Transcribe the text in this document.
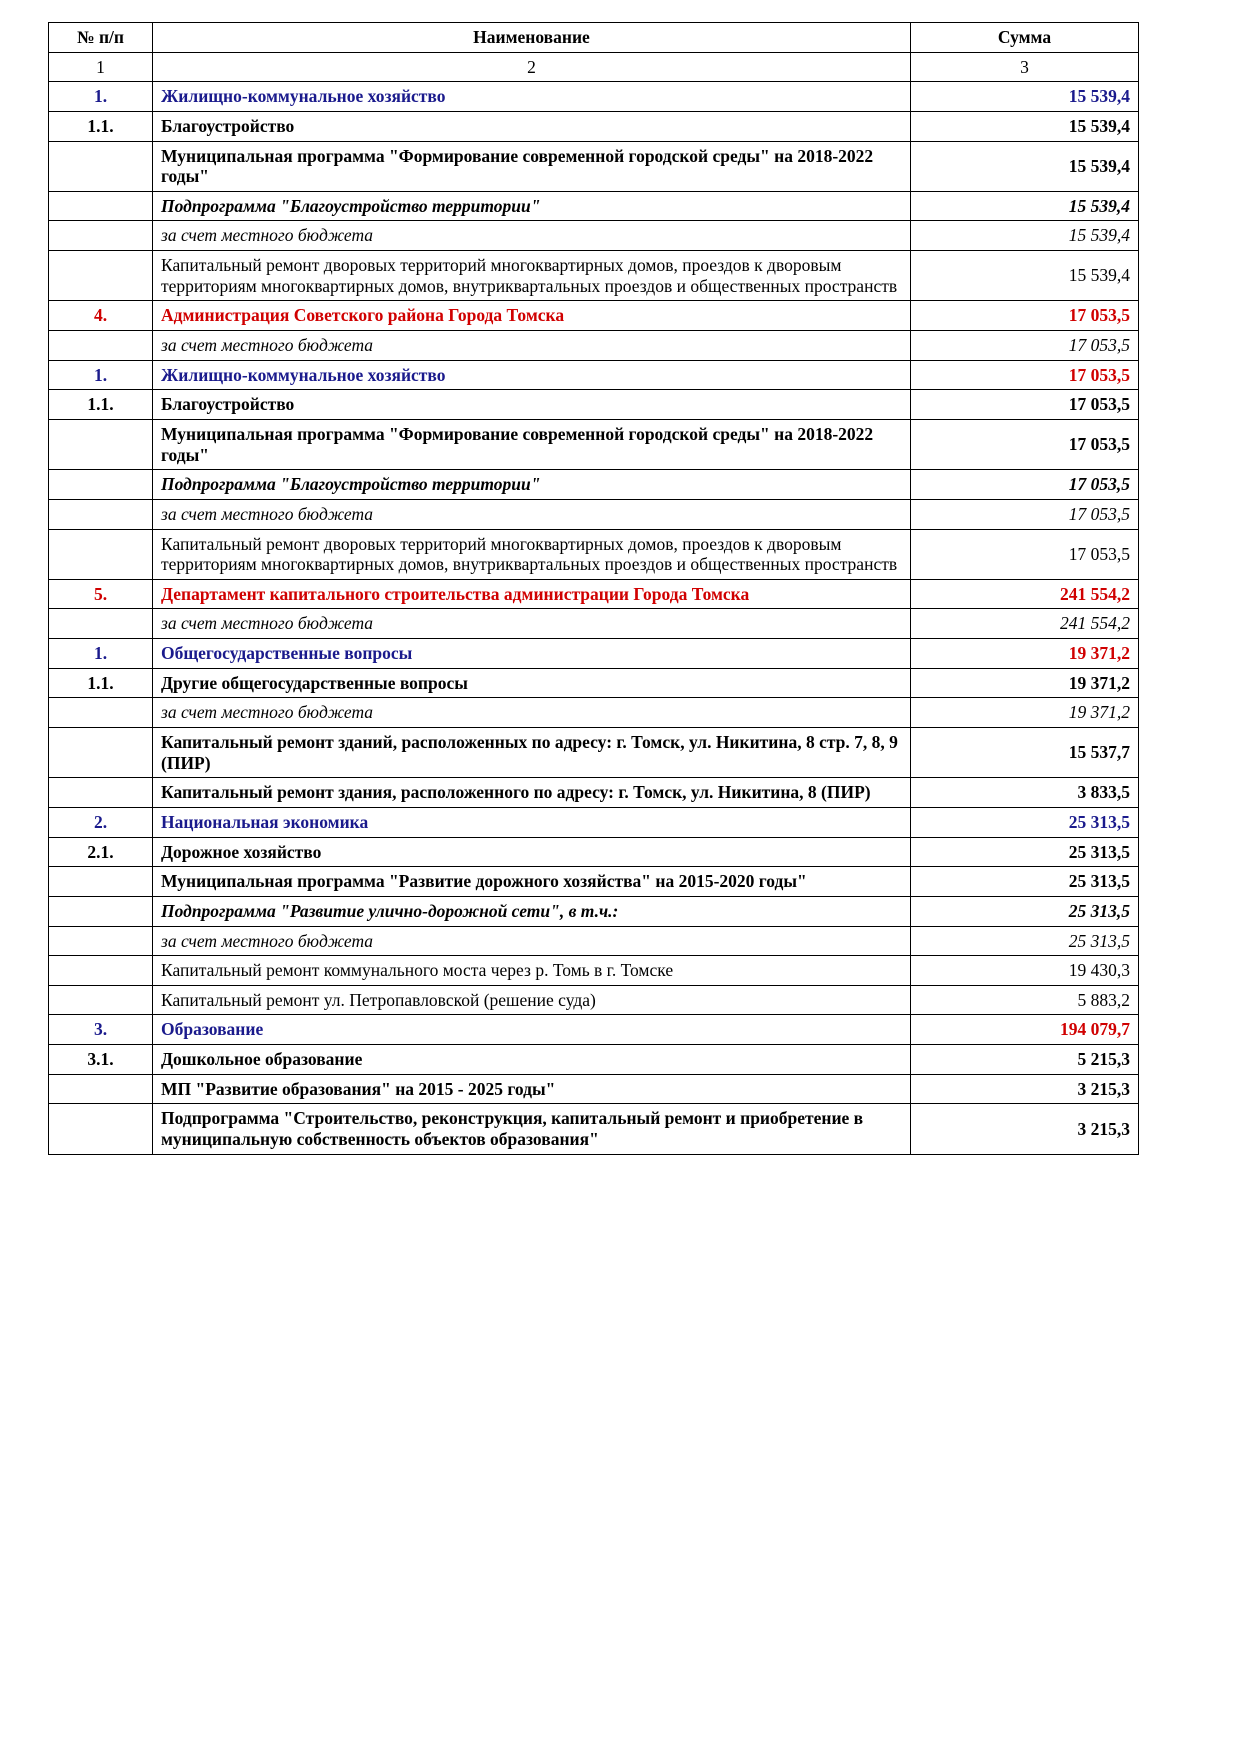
№ п/п	Наименование	Сумма
1	2	3
1.	Жилищно-коммунальное хозяйство	15 539,4
1.1.	Благоустройство	15 539,4
	Муниципальная программа "Формирование современной городской среды" на 2018-2022 годы"	15 539,4
	Подпрограмма "Благоустройство территории"	15 539,4
	за счет местного бюджета	15 539,4
	Капитальный ремонт дворовых территорий многоквартирных домов, проездов к дворовым территориям многоквартирных домов, внутриквартальных проездов и общественных пространств	15 539,4
4.	Администрация Советского района Города Томска	17 053,5
	за счет местного бюджета	17 053,5
1.	Жилищно-коммунальное хозяйство	17 053,5
1.1.	Благоустройство	17 053,5
	Муниципальная программа "Формирование современной городской среды" на 2018-2022 годы"	17 053,5
	Подпрограмма "Благоустройство территории"	17 053,5
	за счет местного бюджета	17 053,5
	Капитальный ремонт дворовых территорий многоквартирных домов, проездов к дворовым территориям многоквартирных домов, внутриквартальных проездов и общественных пространств	17 053,5
5.	Департамент капитального строительства администрации Города Томска	241 554,2
	за счет местного бюджета	241 554,2
1.	Общегосударственные вопросы	19 371,2
1.1.	Другие общегосударственные вопросы	19 371,2
	за счет местного бюджета	19 371,2
	Капитальный ремонт зданий, расположенных по адресу: г. Томск, ул. Никитина, 8 стр. 7, 8, 9 (ПИР)	15 537,7
	Капитальный ремонт здания, расположенного по адресу: г. Томск, ул. Никитина, 8 (ПИР)	3 833,5
2.	Национальная экономика	25 313,5
2.1.	Дорожное хозяйство	25 313,5
	Муниципальная программа "Развитие дорожного хозяйства" на 2015-2020 годы"	25 313,5
	Подпрограмма "Развитие улично-дорожной сети", в т.ч.:	25 313,5
	за счет местного бюджета	25 313,5
	Капитальный ремонт коммунального моста через р. Томь в г. Томске	19 430,3
	Капитальный ремонт ул. Петропавловской (решение суда)	5 883,2
3.	Образование	194 079,7
3.1.	Дошкольное образование	5 215,3
	МП "Развитие образования" на 2015 - 2025 годы"	3 215,3
	Подпрограмма "Строительство, реконструкция, капитальный ремонт и приобретение в муниципальную собственность объектов образования"	3 215,3
